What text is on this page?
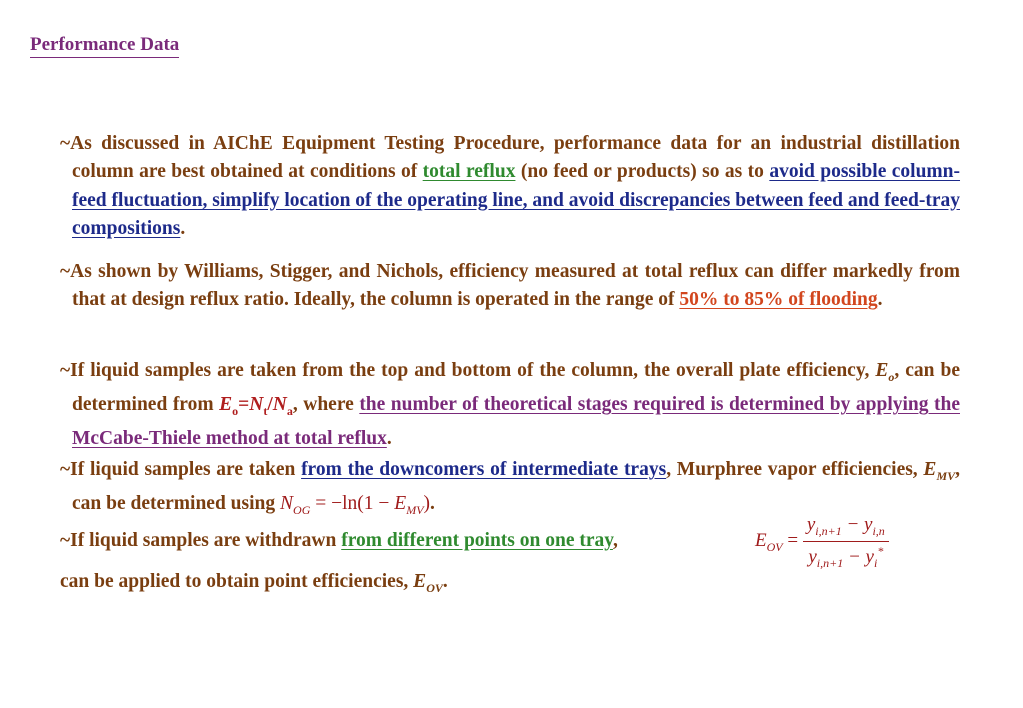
Performance Data
~As discussed in AIChE Equipment Testing Procedure, performance data for an industrial distillation column are best obtained at conditions of total reflux (no feed or products) so as to avoid possible column-feed fluctuation, simplify location of the operating line, and avoid discrepancies between feed and feed-tray compositions.
~As shown by Williams, Stigger, and Nichols, efficiency measured at total reflux can differ markedly from that at design reflux ratio. Ideally, the column is operated in the range of 50% to 85% of flooding.
~If liquid samples are taken from the top and bottom of the column, the overall plate efficiency, $E_o$, can be determined from $E_o=N_t/N_a$, where the number of theoretical stages required is determined by applying the McCabe-Thiele method at total reflux.
~If liquid samples are taken from the downcomers of intermediate trays, Murphree vapor efficiencies, $E_{MV}$, can be determined using $N_{OG} = -\ln(1 - E_{MV})$.
~If liquid samples are withdrawn from different points on one tray,	$E_{OV} = \frac{y_{i,n+1} - y_{i,n}}{y_{i,n+1} - y_i^*}$
can be applied to obtain point efficiencies, $E_{OV}$.
